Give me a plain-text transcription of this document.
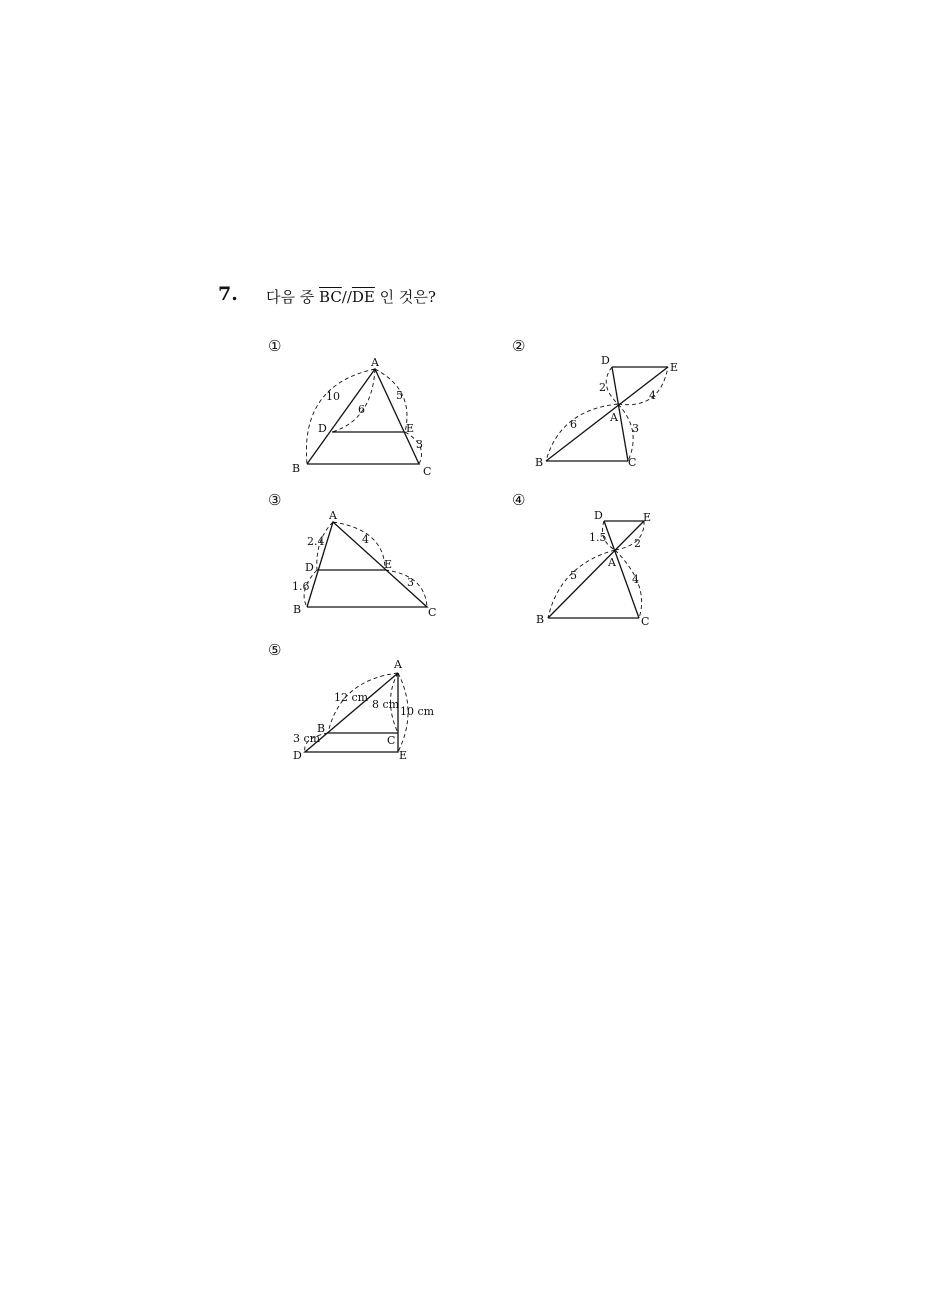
7. 다음 중 $\overline{BC}//\overline{DE}$ 인 것은?
①	②
③	④
⑤
A
B	C
D	E
10
6
5
3
D
E
A
B	C
2
4
6	3
A
B	C
D	E
2.4	4
1.6	3
D	E
A
B	C
1.5	2
5	4
A
B
C
D	E
12 cm
8 cm
10 cm
3 cm
